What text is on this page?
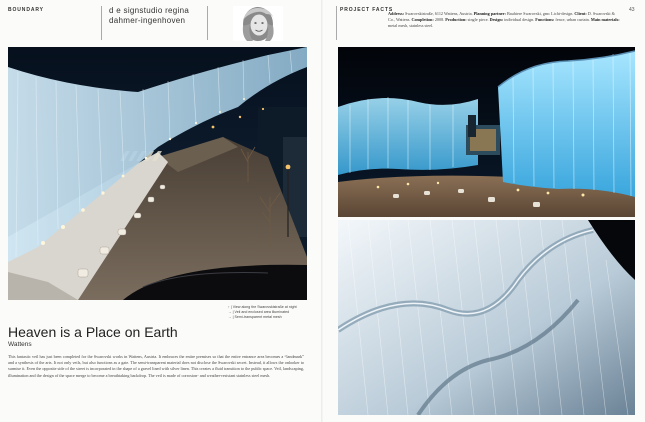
BOUNDARY	d e signstudio regina
dahmer-ingenhoven
↑ | View along the Swarovskistraße at night
→ | Veil and enclosed area illuminated
→ | Semi-transparent metal mesh
Heaven is a Place on Earth
Wattens

This fantastic veil has just been completed for the Swarovski works in Wattens, Austria. It embraces the entire premises so that the entire entrance area becomes a “landmark” and a synthesis of the arts. It not only veils, but also functions as a gate. The semi-transparent material does not disclose the Swarovski secret. Instead, it allows the onlooker to surmise it. Even the opposite side of the street is incorporated in the shape of a gravel lined with silver linen. This creates a fluid transition to the public space. Veil, landscaping, illumination and the design of the space merge to become a breathtaking backdrop. The veil is made of corrosion- and weather-resistant stainless steel mesh.

PROJECT FACTS	43
Address: Swarovskistraße, 6112 Wattens, Austria. Planning partner: Bauhiere Swarovski, gmc Licht-design. Client: D. Swarovski & Co., Wattens. Completion: 2008. Production: single piece. Design: individual design. Functions: fence, urban curtain. Main materials: metal mesh, stainless steel.
